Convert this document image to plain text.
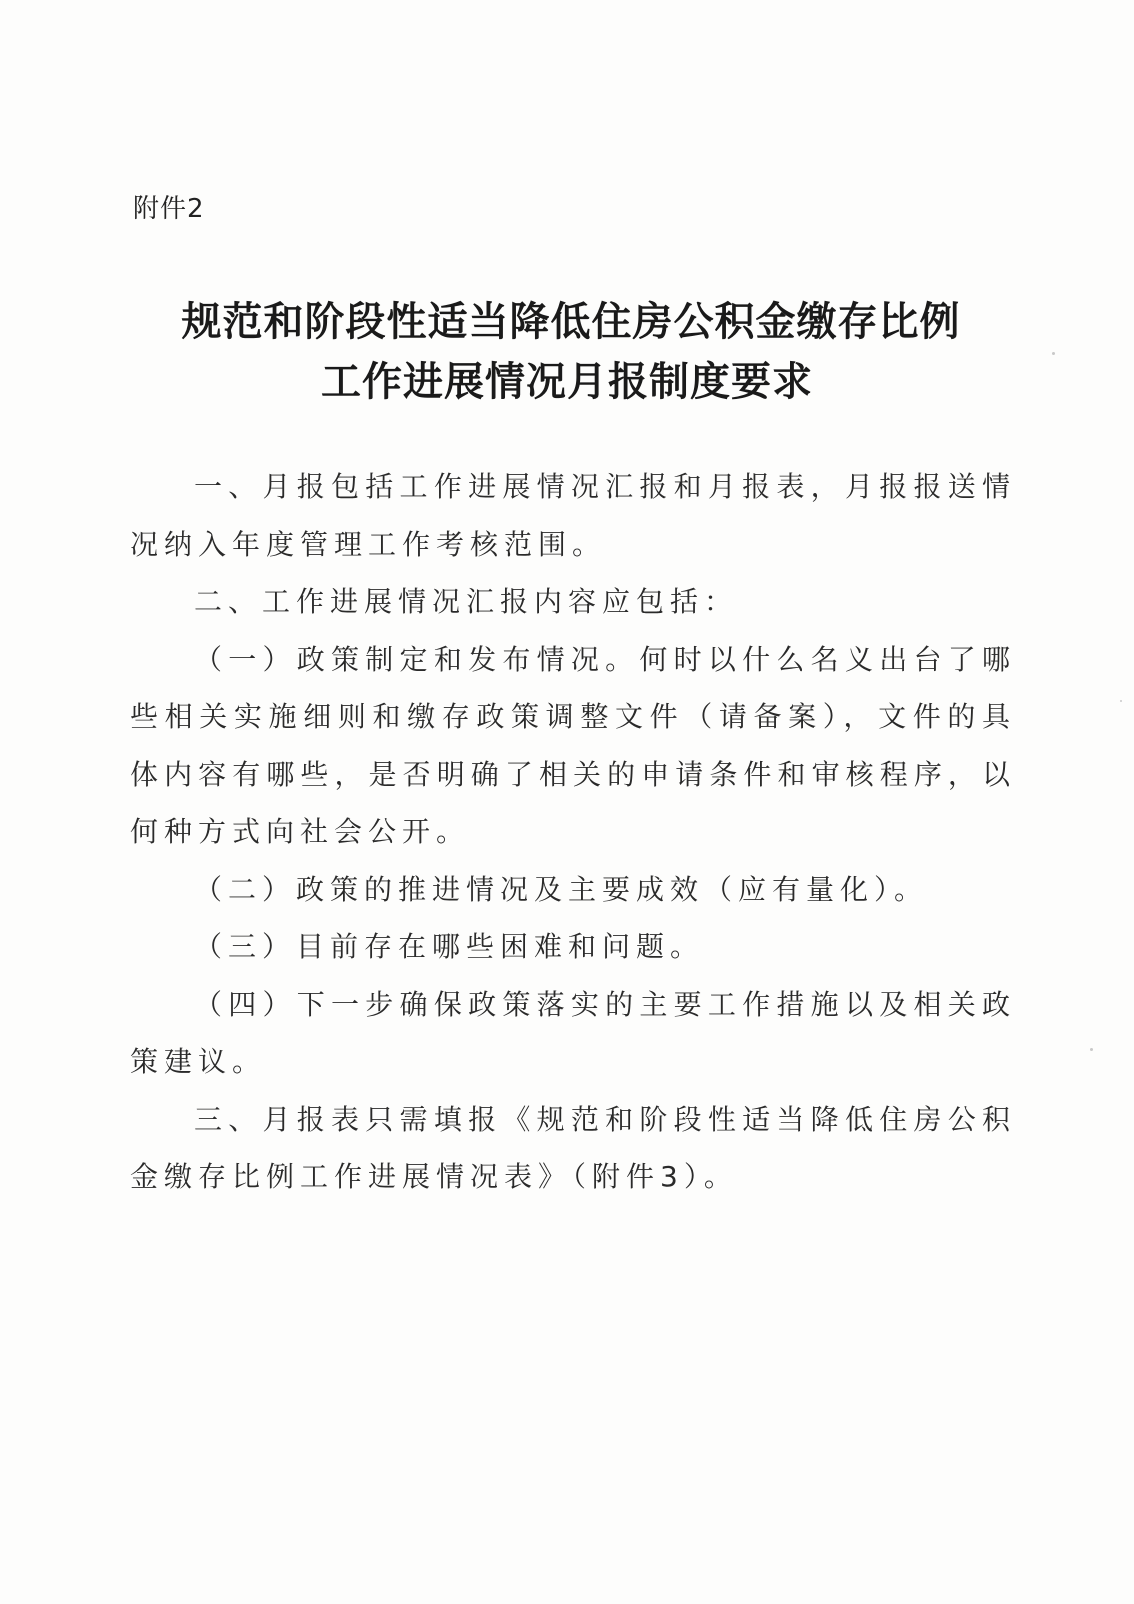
附件2
规范和阶段性适当降低住房公积金缴存比例
工作进展情况月报制度要求

一、月报包括工作进展情况汇报和月报表，月报报送情况纳入年度管理工作考核范围。

二、工作进展情况汇报内容应包括：

（一）政策制定和发布情况。何时以什么名义出台了哪些相关实施细则和缴存政策调整文件（请备案），文件的具体内容有哪些，是否明确了相关的申请条件和审核程序，以何种方式向社会公开。

（二）政策的推进情况及主要成效（应有量化）。

（三）目前存在哪些困难和问题。

（四）下一步确保政策落实的主要工作措施以及相关政策建议。

三、月报表只需填报《规范和阶段性适当降低住房公积金缴存比例工作进展情况表》（附件3）。
